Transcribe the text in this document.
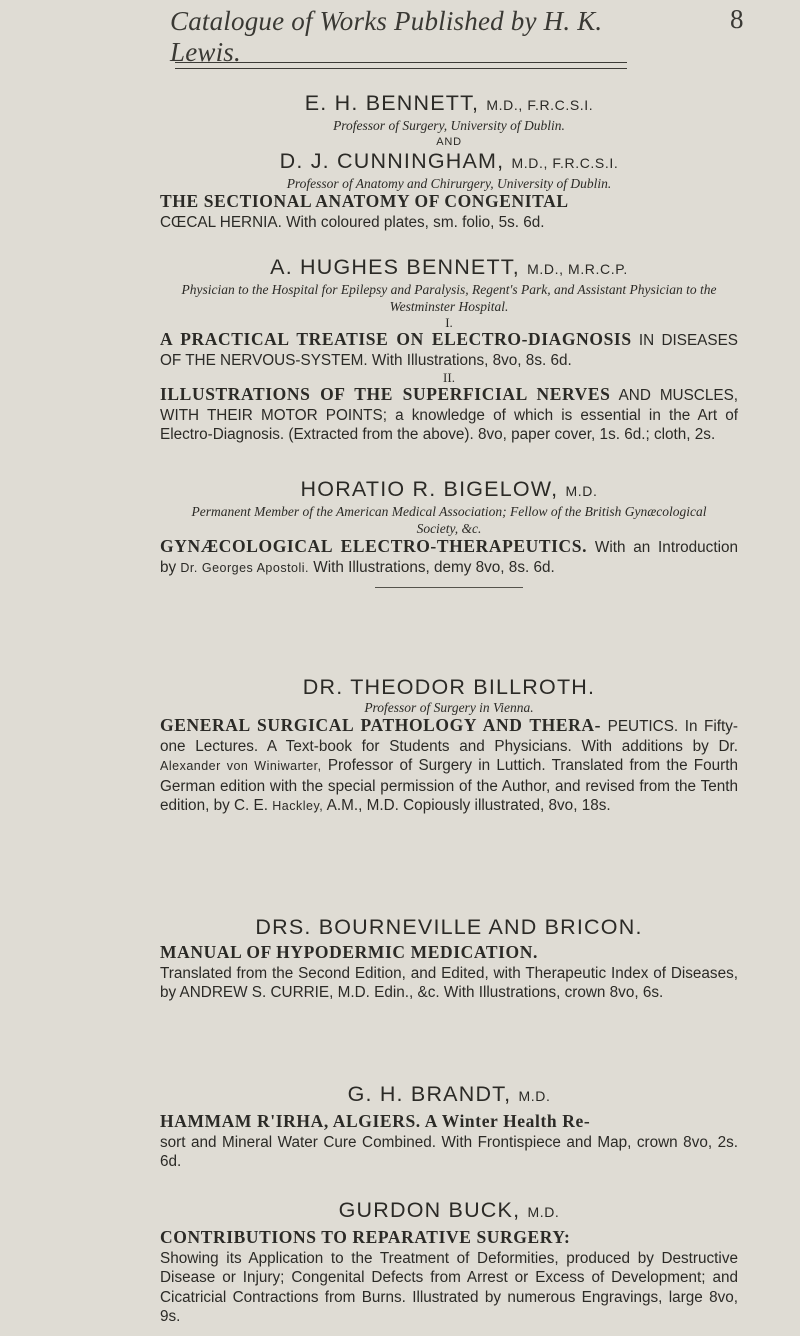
Catalogue of Works Published by H. K. Lewis.
8
E. H. BENNETT, M.D., F.R.C.S.I.
Professor of Surgery, University of Dublin.
AND
D. J. CUNNINGHAM, M.D., F.R.C.S.I.
Professor of Anatomy and Chirurgery, University of Dublin.
THE SECTIONAL ANATOMY OF CONGENITAL
CŒCAL HERNIA. With coloured plates, sm. folio, 5s. 6d.
A. HUGHES BENNETT, M.D., M.R.C.P.
Physician to the Hospital for Epilepsy and Paralysis, Regent's Park, and Assistant Physician to the Westminster Hospital.
I.
A PRACTICAL TREATISE ON ELECTRO-DIAGNOSIS IN DISEASES OF THE NERVOUS-SYSTEM. With Illustrations, 8vo, 8s. 6d.
II.
ILLUSTRATIONS OF THE SUPERFICIAL NERVES AND MUSCLES, WITH THEIR MOTOR POINTS; a knowledge of which is essential in the Art of Electro-Diagnosis. (Extracted from the above). 8vo, paper cover, 1s. 6d.; cloth, 2s.
HORATIO R. BIGELOW, M.D.
Permanent Member of the American Medical Association; Fellow of the British Gynæcological Society, &c.
GYNÆCOLOGICAL ELECTRO-THERAPEUTICS. With an Introduction by Dr. Georges Apostoli. With Illustrations, demy 8vo, 8s. 6d.
DR. THEODOR BILLROTH.
Professor of Surgery in Vienna.
GENERAL SURGICAL PATHOLOGY AND THERA- PEUTICS. In Fifty-one Lectures. A Text-book for Students and Physicians. With additions by Dr. Alexander von Winiwarter, Professor of Surgery in Luttich. Translated from the Fourth German edition with the special permission of the Author, and revised from the Tenth edition, by C. E. Hackley, A.M., M.D. Copiously illustrated, 8vo, 18s.
DRS. BOURNEVILLE AND BRICON.
MANUAL OF HYPODERMIC MEDICATION.
Translated from the Second Edition, and Edited, with Therapeutic Index of Diseases, by ANDREW S. CURRIE, M.D. Edin., &c. With Illustrations, crown 8vo, 6s.
G. H. BRANDT, M.D.
HAMMAM R'IRHA, ALGIERS. A Winter Health Re-
sort and Mineral Water Cure Combined. With Frontispiece and Map, crown 8vo, 2s. 6d.
GURDON BUCK, M.D.
CONTRIBUTIONS TO REPARATIVE SURGERY:
Showing its Application to the Treatment of Deformities, produced by Destructive Disease or Injury; Congenital Defects from Arrest or Excess of Development; and Cicatricial Contractions from Burns. Illustrated by numerous Engravings, large 8vo, 9s.
